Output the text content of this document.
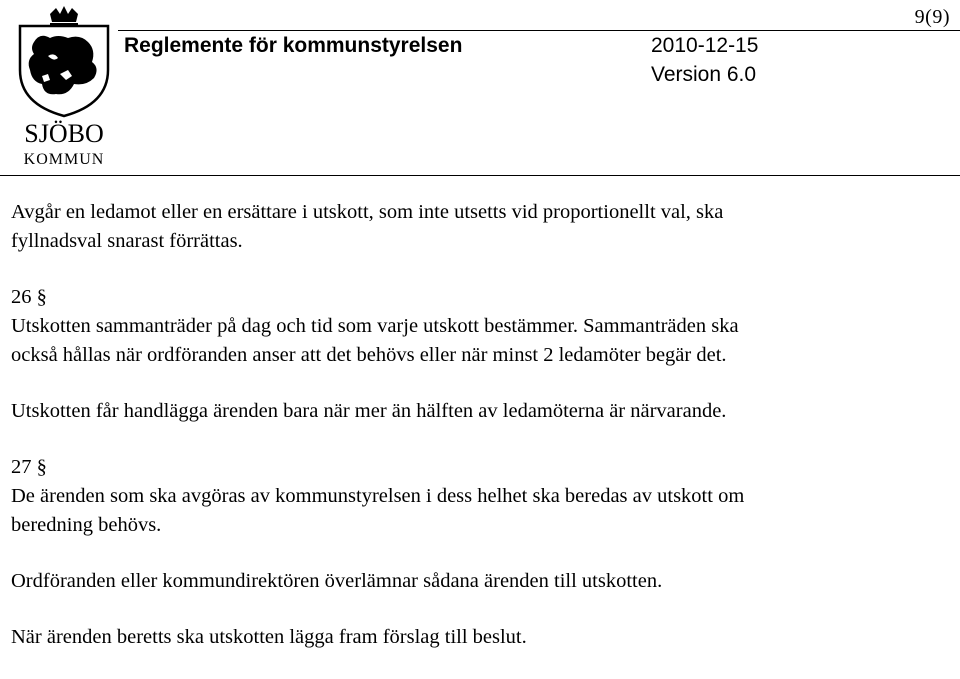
SJÖBO
KOMMUN
9(9)
Reglemente för kommunstyrelsen	2010-12-15
Version 6.0

Avgår en ledamot eller en ersättare i utskott, som inte utsetts vid proportionellt val, ska
fyllnadsval snarast förrättas.

26 §
Utskotten sammanträder på dag och tid som varje utskott bestämmer. Sammanträden ska
också hållas när ordföranden anser att det behövs eller när minst 2 ledamöter begär det.

Utskotten får handlägga ärenden bara när mer än hälften av ledamöterna är närvarande.

27 §
De ärenden som ska avgöras av kommunstyrelsen i dess helhet ska beredas av utskott om
beredning behövs.

Ordföranden eller kommundirektören överlämnar sådana ärenden till utskotten.

När ärenden beretts ska utskotten lägga fram förslag till beslut.
